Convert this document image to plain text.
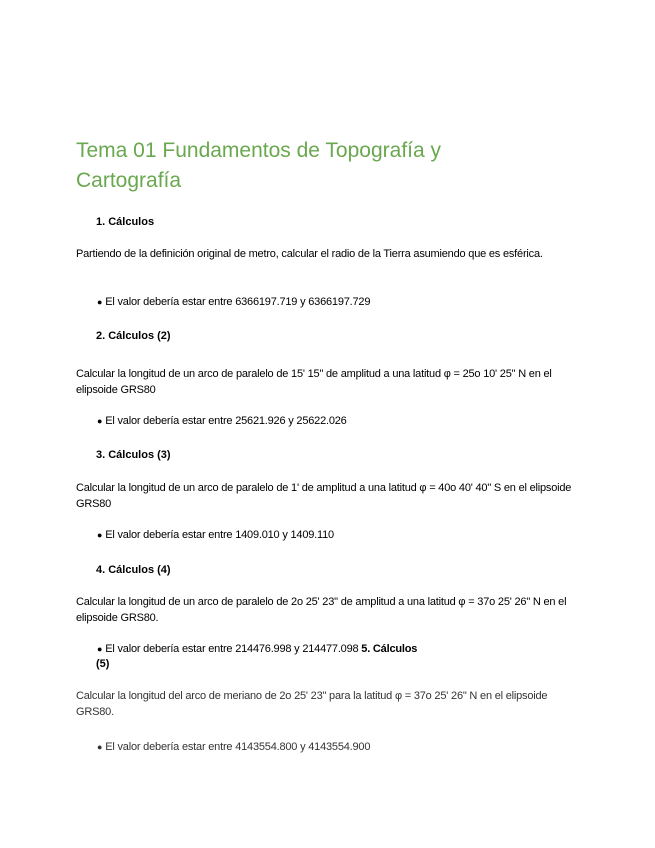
Tema 01 Fundamentos de Topografía y Cartografía
1. Cálculos

Partiendo de la definición original de metro, calcular el radio de la Tierra asumiendo que es esférica.

● El valor debería estar entre 6366197.719 y 6366197.729
2. Cálculos (2)

Calcular la longitud de un arco de paralelo de 15' 15" de amplitud a una latitud φ = 25o 10' 25" N en el elipsoide GRS80

● El valor debería estar entre 25621.926 y 25622.026
3. Cálculos (3)

Calcular la longitud de un arco de paralelo de 1' de amplitud a una latitud φ = 40o 40' 40" S en el elipsoide GRS80

● El valor debería estar entre 1409.010 y 1409.110
4. Cálculos (4)

Calcular la longitud de un arco de paralelo de 2o 25' 23" de amplitud a una latitud φ = 37o 25' 26" N en el elipsoide GRS80.

● El valor debería estar entre 214476.998 y 214477.098 5. Cálculos
(5)

Calcular la longitud del arco de meriano de 2o 25' 23" para la latitud φ = 37o 25' 26" N en el elipsoide GRS80.

● El valor debería estar entre 4143554.800 y 4143554.900
